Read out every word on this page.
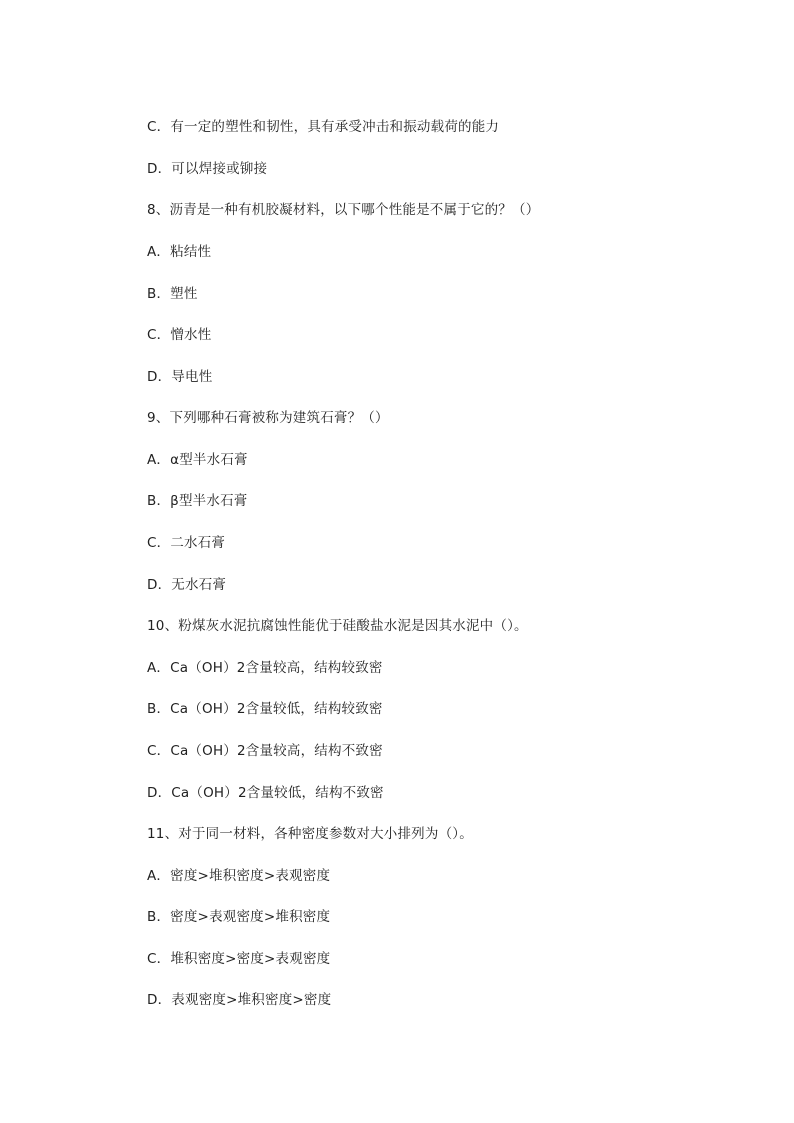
C．有一定的塑性和韧性，具有承受冲击和振动载荷的能力
D．可以焊接或铆接
8、沥青是一种有机胶凝材料，以下哪个性能是不属于它的？（）
A．粘结性
B．塑性
C．憎水性
D．导电性
9、下列哪种石膏被称为建筑石膏？（）
A．α型半水石膏
B．β型半水石膏
C．二水石膏
D．无水石膏
10、粉煤灰水泥抗腐蚀性能优于硅酸盐水泥是因其水泥中（）。
A．Ca（OH）2含量较高，结构较致密
B．Ca（OH）2含量较低，结构较致密
C．Ca（OH）2含量较高，结构不致密
D．Ca（OH）2含量较低，结构不致密
11、对于同一材料，各种密度参数对大小排列为（）。
A．密度>堆积密度>表观密度
B．密度>表观密度>堆积密度
C．堆积密度>密度>表观密度
D．表观密度>堆积密度>密度
